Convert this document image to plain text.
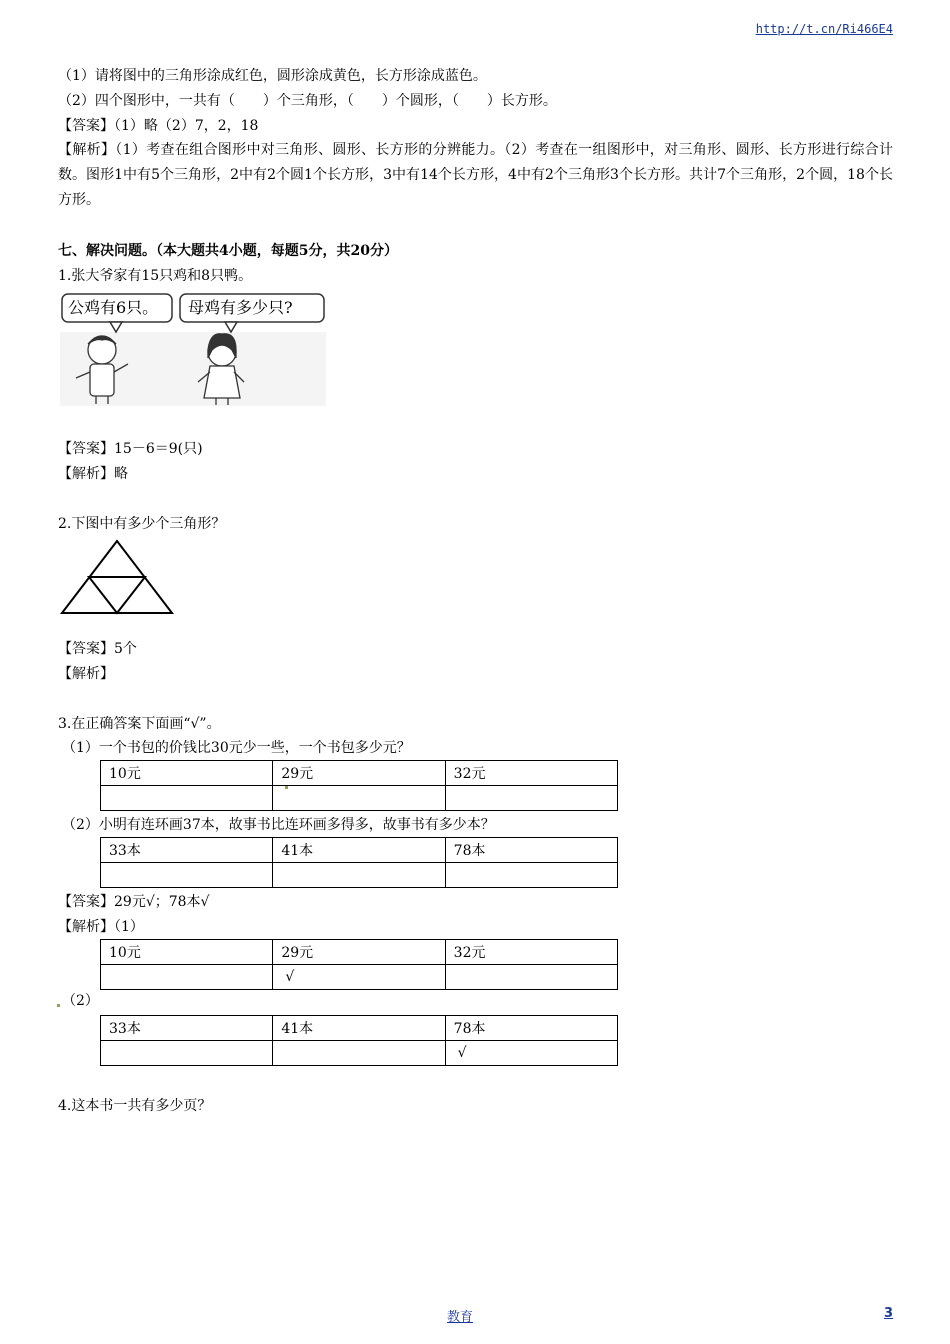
http://t.cn/Ri466E4
（1）请将图中的三角形涂成红色，圆形涂成黄色，长方形涂成蓝色。
（2）四个图形中，一共有（　　）个三角形，（　　）个圆形，（　　）长方形。
【答案】（1）略（2）7，2，18
【解析】（1）考查在组合图形中对三角形、圆形、长方形的分辨能力。（2）考查在一组图形中，对三角形、圆形、长方形进行综合计数。图形1中有5个三角形，2中有2个圆1个长方形，3中有14个长方形，4中有2个三角形3个长方形。共计7个三角形，2个圆，18个长方形。
七、解决问题。（本大题共4小题，每题5分，共20分）
1.张大爷家有15只鸡和8只鸭。
公鸡有6只。 母鸡有多少只?
【答案】15－6＝9(只)
【解析】略
2.下图中有多少个三角形？
【答案】5个
【解析】
3.在正确答案下面画“√”。
（1）一个书包的价钱比30元少一些，一个书包多少元？
10元	29元	32元

（2）小明有连环画37本，故事书比连环画多得多，故事书有多少本？
33本	41本	78本

【答案】29元√；78本√
【解析】（1）
10元	29元	32元
	√	
（2）
33本	41本	78本
		√
4.这本书一共有多少页？
教育	3
